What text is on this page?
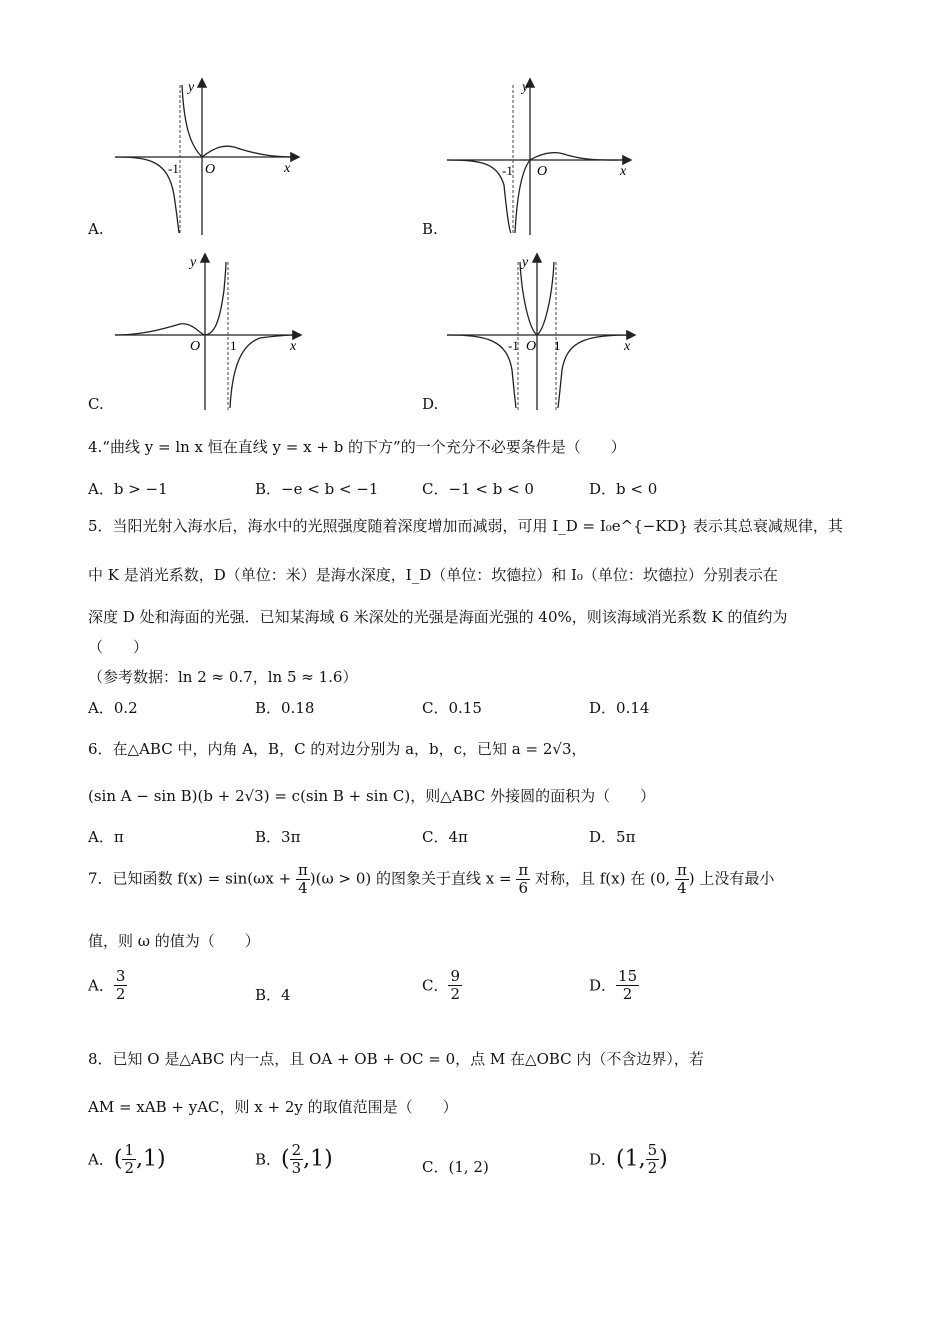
y
x
O
-1
A.
y
x
O
-1
B.
y
x
O 1
C.
y
x
O
-1	1
D.
4.“曲线 y = ln x 恒在直线 y = x + b 的下方”的一个充分不必要条件是（　　）
A．b > −1	B．−e < b < −1	C．−1 < b < 0	D．b < 0
5．当阳光射入海水后，海水中的光照强度随着深度增加而减弱，可用 I_D = I₀e^{−KD} 表示其总衰减规律，其
中 K 是消光系数，D（单位：米）是海水深度，I_D（单位：坎德拉）和 I₀（单位：坎德拉）分别表示在
深度 D 处和海面的光强．已知某海域 6 米深处的光强是海面光强的 40%，则该海域消光系数 K 的值约为
（　　）
（参考数据：ln 2 ≈ 0.7，ln 5 ≈ 1.6）
A．0.2	B．0.18	C．0.15	D．0.14
6．在△ABC 中，内角 A，B，C 的对边分别为 a，b，c，已知 a = 2√3，
(sin A − sin B)(b + 2√3) = c(sin B + sin C)，则△ABC 外接圆的面积为（　　）
A．π	B．3π	C．4π	D．5π
7．已知函数 $f(x) = \sin(\omega x + \frac{\pi}{4} )(\omega > 0)$ 的图象关于直线 $x = \frac{\pi}{6}$ 对称，且 f(x) 在 (0, $\frac{\pi}{4}$ ) 上没有最小
值，则 ω 的值为（　　）
A． $\frac{3}{2}$	B．4
C． $\frac{9}{2}$	D． $\frac{15}{2}$
8．已知 O 是△ABC 内一点，且 OA + OB + OC = 0，点 M 在△OBC 内（不含边界），若
AM = xAB + yAC，则 x + 2y 的取值范围是（　　）
A．( $\frac{1}{2} ,1$)	B．( $\frac{2}{3} ,1$)	C．(1, 2)	D．(1, $\frac{5}{2}$ )
